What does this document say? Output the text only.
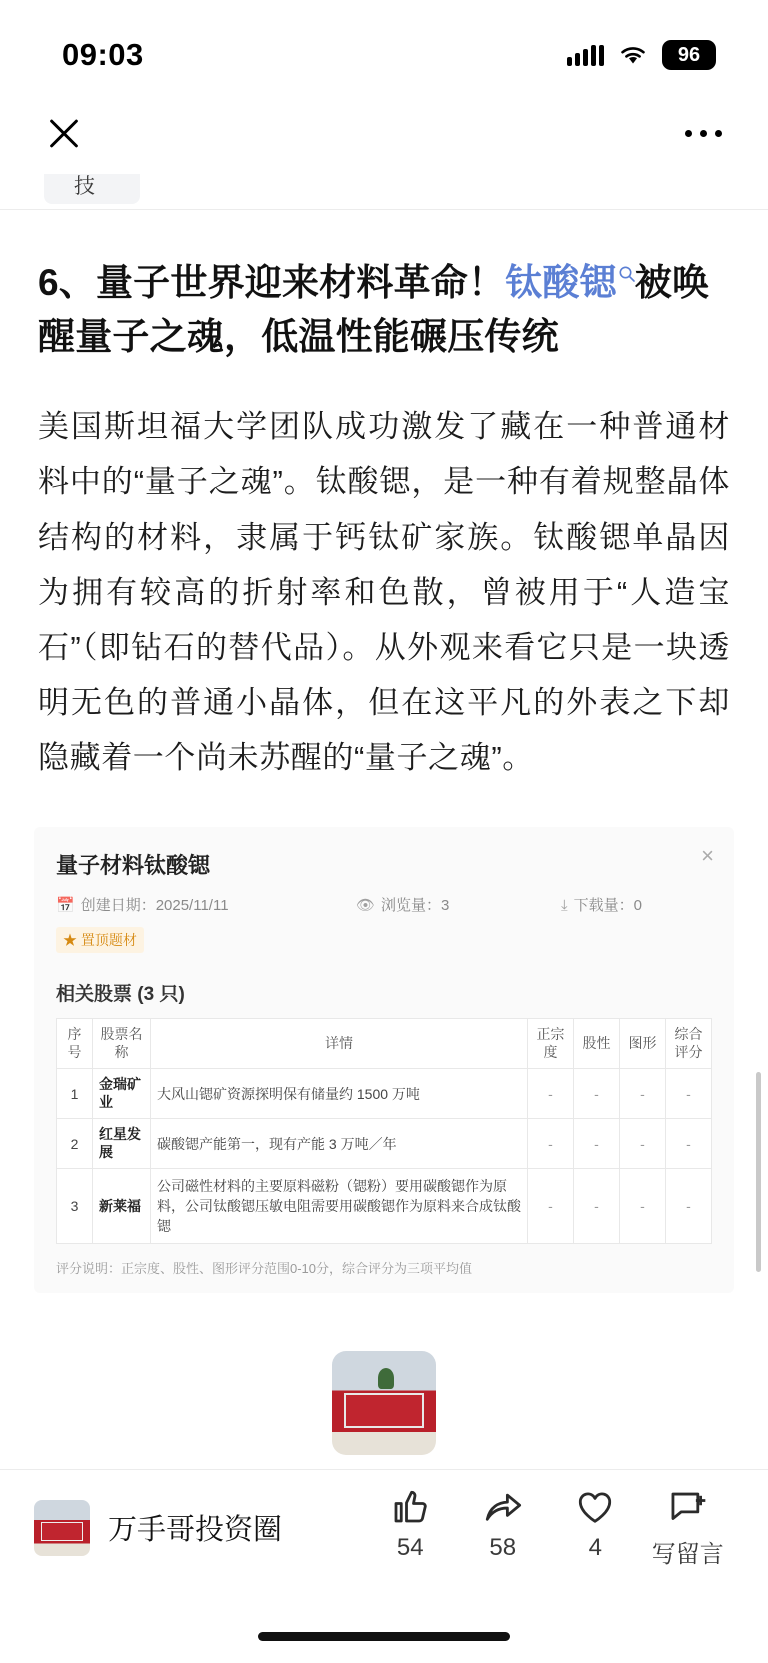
09:03	96
技
6、量子世界迎来材料革命！钛酸锶 被唤醒量子之魂，低温性能碾压传统

美国斯坦福大学团队成功激发了藏在一种普通材料中的“量子之魂”。钛酸锶，是一种有着规整晶体结构的材料，隶属于钙钛矿家族。钛酸锶单晶因为拥有较高的折射率和色散，曾被用于“人造宝石”（即钻石的替代品）。从外观来看它只是一块透明无色的普通小晶体，但在这平凡的外表之下却隐藏着一个尚未苏醒的“量子之魂”。

×
量子材料钛酸锶
📅 创建日期：2025/11/11	👁 浏览量：3	⤓ 下载量：0
★ 置顶题材
相关股票 (3 只)
序号	股票名称	详情	正宗度	股性	图形	综合评分
1	金瑞矿业	大风山锶矿资源探明保有储量约 1500 万吨	-	-	-	-
2	红星发展	碳酸锶产能第一，现有产能 3 万吨／年	-	-	-	-
3	新莱福	公司磁性材料的主要原料磁粉（锶粉）要用碳酸锶作为原料，公司钛酸锶压敏电阻需要用碳酸锶作为原料来合成钛酸锶	-	-	-	-
评分说明：正宗度、股性、图形评分范围0-10分，综合评分为三项平均值
万手哥投资圈
54	58	4 写留言
